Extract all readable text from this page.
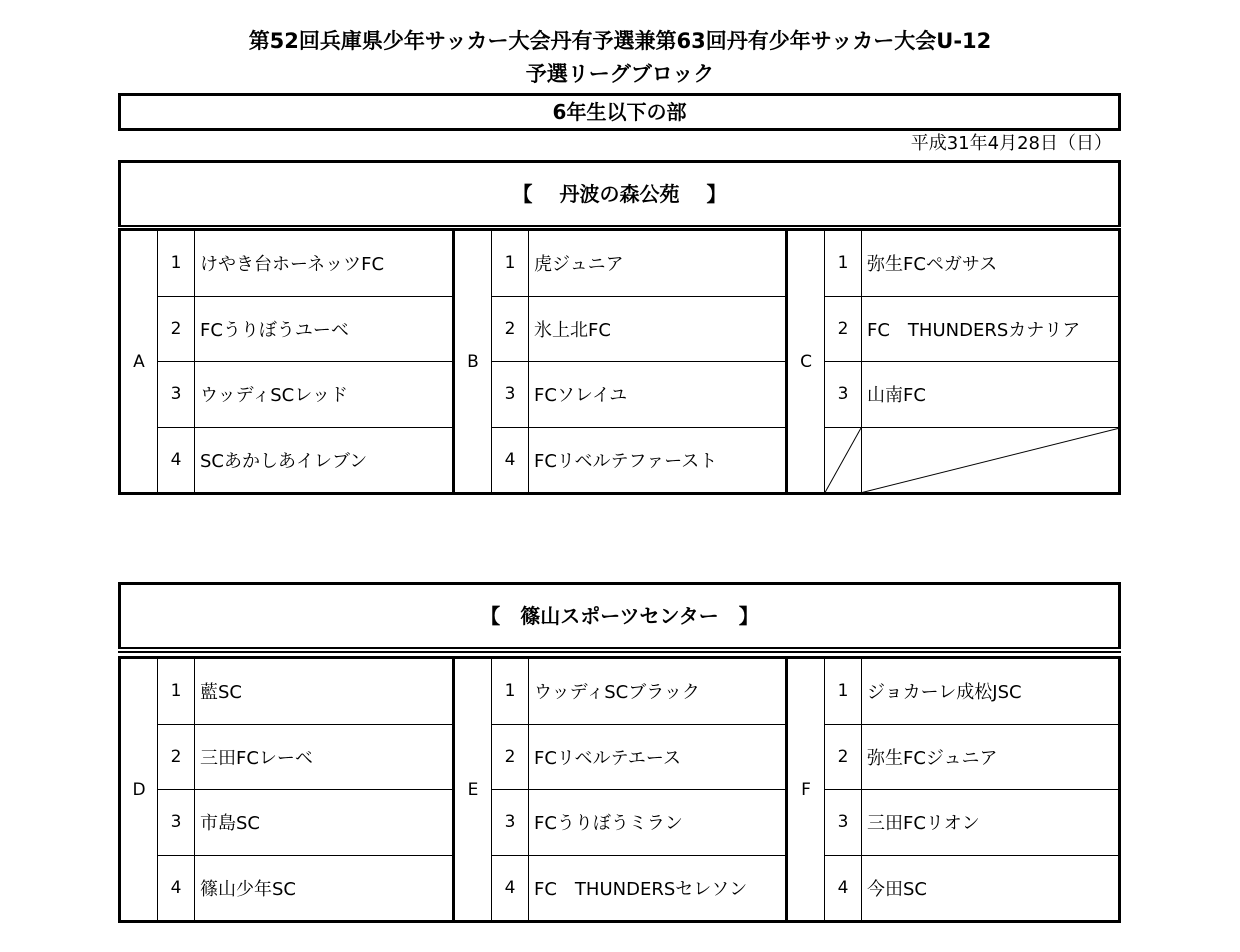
第52回兵庫県少年サッカー大会丹有予選兼第63回丹有少年サッカー大会U-12
予選リーグブロック
6年生以下の部
平成31年4月28日（日）
【　 丹波の森公苑　 】
A
1	けやき台ホーネッツFC
2	FCうりぼうユーベ
3	ウッディSCレッド
4	SCあかしあイレブン
B
1	虎ジュニア
2	氷上北FC
3	FCソレイユ
4	FCリベルテファースト
C
1	弥生FCペガサス
2	FC　THUNDERSカナリア
3	山南FC
【　篠山スポーツセンター　】
D
1	藍SC
2	三田FCレーベ
3	市島SC
4	篠山少年SC
E
1	ウッディSCブラック
2	FCリベルテエース
3	FCうりぼうミラン
4	FC　THUNDERSセレソン
F
1	ジョカーレ成松JSC
2	弥生FCジュニア
3	三田FCリオン
4	今田SC
